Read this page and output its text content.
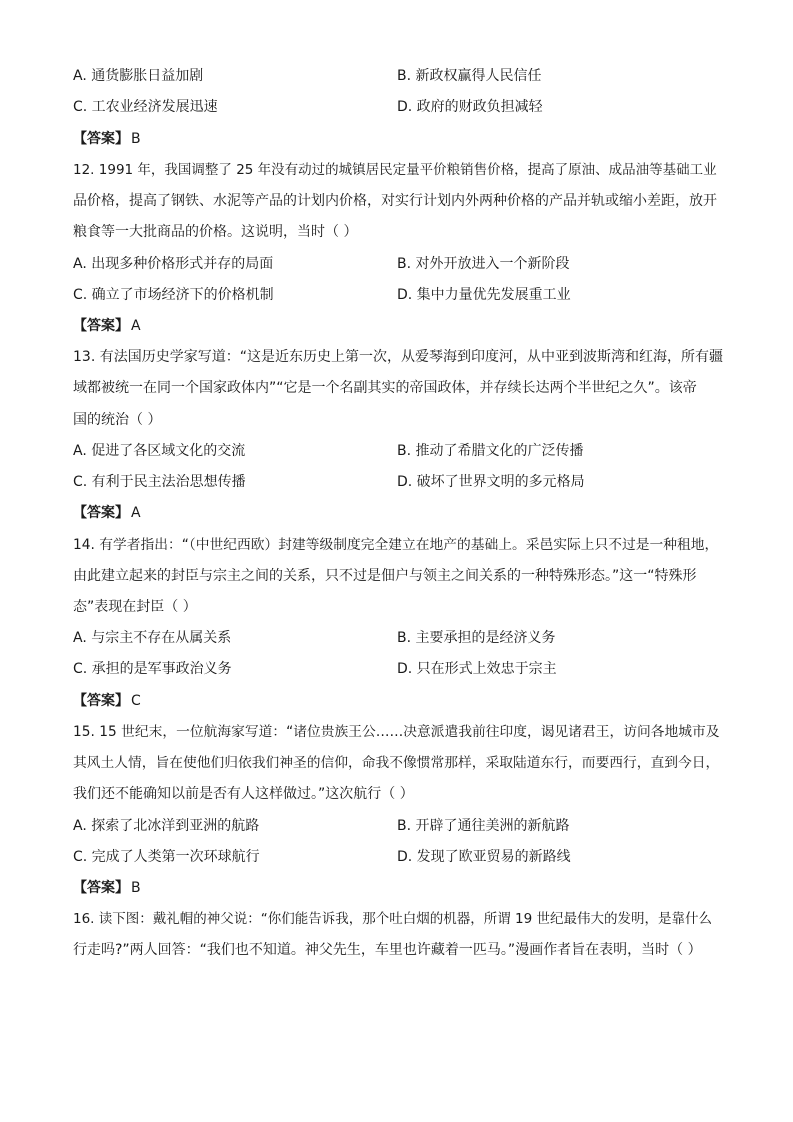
A. 通货膨胀日益加剧	B. 新政权赢得人民信任
C. 工农业经济发展迅速	D. 政府的财政负担减轻
【答案】 B
12. 1991 年，我国调整了 25 年没有动过的城镇居民定量平价粮销售价格，提高了原油、成品油等基础工业
品价格，提高了钢铁、水泥等产品的计划内价格，对实行计划内外两种价格的产品并轨或缩小差距，放开
粮食等一大批商品的价格。这说明，当时（ ）
A. 出现多种价格形式并存的局面	B. 对外开放进入一个新阶段
C. 确立了市场经济下的价格机制	D. 集中力量优先发展重工业
【答案】 A
13. 有法国历史学家写道：“这是近东历史上第一次，从爱琴海到印度河，从中亚到波斯湾和红海，所有疆
域都被统一在同一个国家政体内”“它是一个名副其实的帝国政体，并存续长达两个半世纪之久”。该帝
国的统治（ ）
A. 促进了各区域文化的交流	B. 推动了希腊文化的广泛传播
C. 有利于民主法治思想传播	D. 破坏了世界文明的多元格局
【答案】 A
14. 有学者指出：“（中世纪西欧）封建等级制度完全建立在地产的基础上。采邑实际上只不过是一种租地，
由此建立起来的封臣与宗主之间的关系，只不过是佃户与领主之间关系的一种特殊形态。”这一“特殊形
态”表现在封臣（ ）
A. 与宗主不存在从属关系	B. 主要承担的是经济义务
C. 承担的是军事政治义务	D. 只在形式上效忠于宗主
【答案】 C
15. 15 世纪末，一位航海家写道：“诸位贵族王公……决意派遣我前往印度，谒见诸君王，访问各地城市及
其风土人情，旨在使他们归依我们神圣的信仰，命我不像惯常那样，采取陆道东行，而要西行，直到今日，
我们还不能确知以前是否有人这样做过。”这次航行（ ）
A. 探索了北冰洋到亚洲的航路	B. 开辟了通往美洲的新航路
C. 完成了人类第一次环球航行	D. 发现了欧亚贸易的新路线
【答案】 B
16. 读下图：戴礼帽的神父说：“你们能告诉我，那个吐白烟的机器，所谓 19 世纪最伟大的发明，是靠什么
行走吗?”两人回答：“我们也不知道。神父先生，车里也许藏着一匹马。”漫画作者旨在表明，当时（ ）
